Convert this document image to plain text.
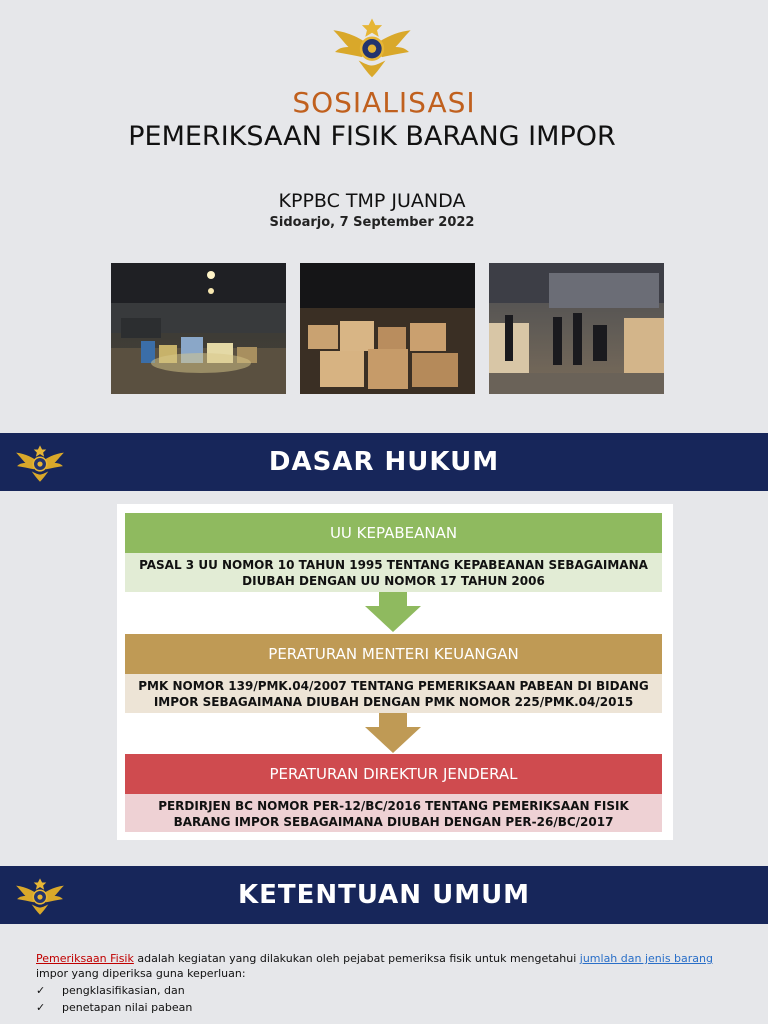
SOSIALISASI
PEMERIKSAAN FISIK BARANG IMPOR
KPPBC TMP JUANDA
Sidoarjo, 7 September 2022
DASAR HUKUM
UU KEPABEANAN
PASAL 3 UU NOMOR 10 TAHUN 1995 TENTANG KEPABEANAN SEBAGAIMANA
DIUBAH DENGAN UU NOMOR 17 TAHUN 2006
PERATURAN MENTERI KEUANGAN
PMK NOMOR 139/PMK.04/2007 TENTANG PEMERIKSAAN PABEAN DI BIDANG
IMPOR SEBAGAIMANA DIUBAH DENGAN PMK NOMOR 225/PMK.04/2015
PERATURAN DIREKTUR JENDERAL
PERDIRJEN BC NOMOR PER-12/BC/2016 TENTANG PEMERIKSAAN FISIK
BARANG IMPOR SEBAGAIMANA DIUBAH DENGAN PER-26/BC/2017
KETENTUAN UMUM
Pemeriksaan Fisik adalah kegiatan yang dilakukan oleh pejabat pemeriksa fisik untuk mengetahui jumlah dan jenis barang impor yang diperiksa guna keperluan:
✓	pengklasifikasian, dan
✓	penetapan nilai pabean
